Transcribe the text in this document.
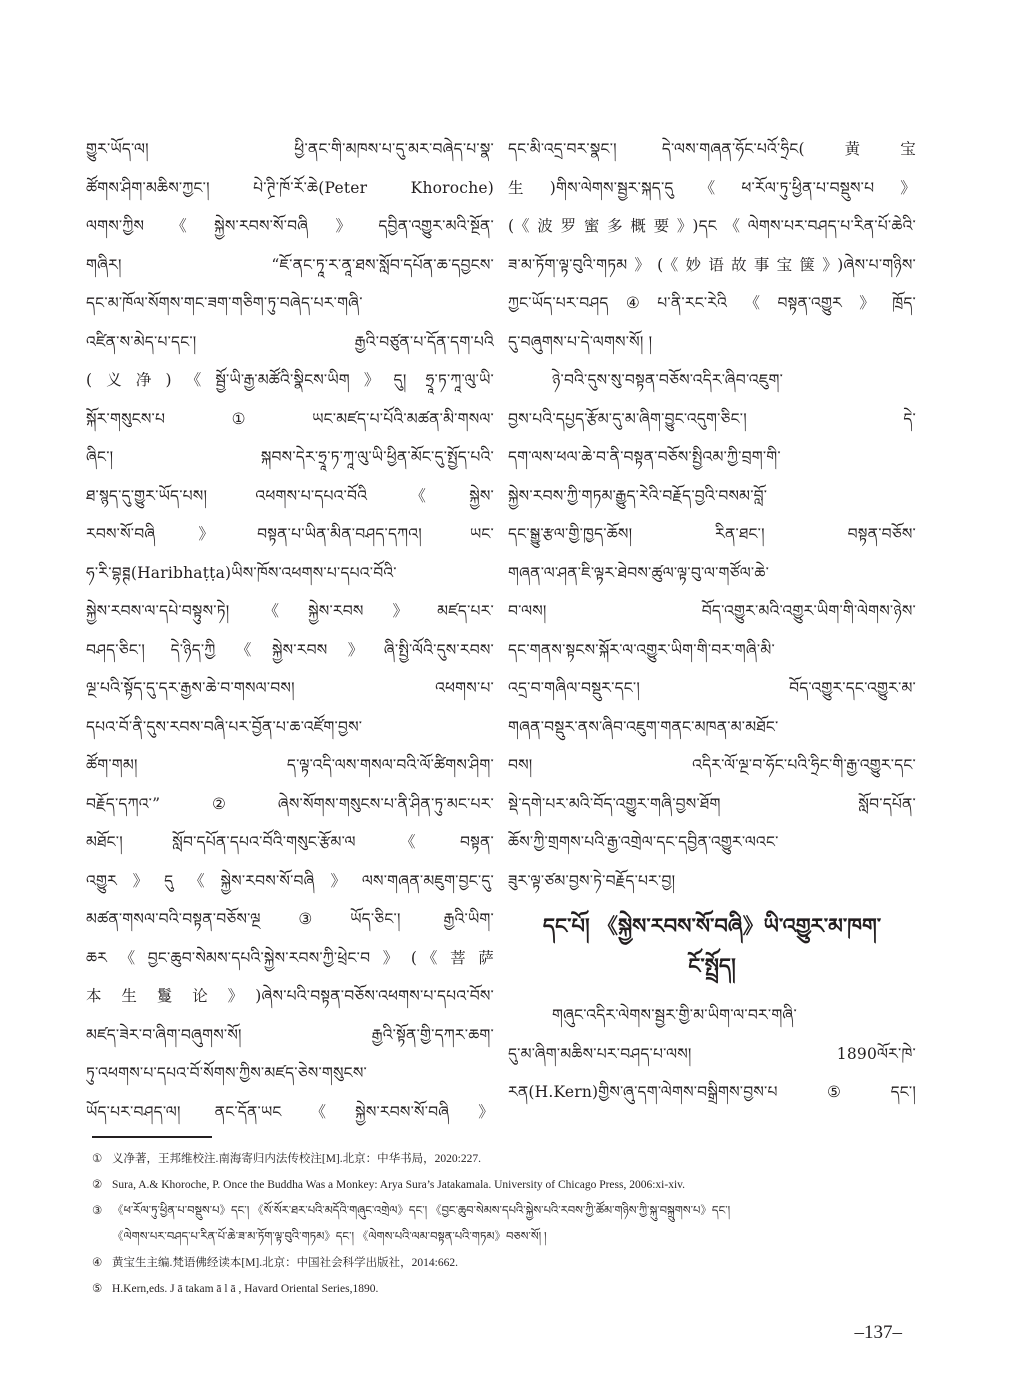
གྱུར་ཡོད་ལ། ཕྱི་ནང་གི་མཁས་པ་དུ་མར་བཞེད་པ་སྣ་
ཚོགས་ཤིག་མཆིས་ཀྱང་། པེ་ཊྲི་ཁོ་རོ་ཆེ(Peter Khoroche)
ལགས་ཀྱིས《སྐྱེས་རབས་སོ་བཞི》དབྱིན་འགྱུར་མའི་སྔོན་
གཞིར། “ཇོ་ནང་ཏཱ་ར་ནཱ་ཐས་སློབ་དཔོན་ཆ་དབྱངས་
དང་མ་ཁོལ་སོགས་གང་ཟག་གཅིག་ཏུ་བཞེད་པར་གཞི་
འཛིན་ས་མེད་པ་དང་། རྒྱའི་བཙུན་པ་དོན་དག་པའི
(义净)《སྦྱོ་ཡི་རྒྱ་མཚོའི་སྣིངས་ཡིག》དུ། ཧྲཱ་ཏ་ཀཱ་ལུ་ཡི་
སྐོར་གསུངས་པ①ཡང་མཛད་པ་པོའི་མཚན་མི་གསལ་
ཞིང་། སྐབས་དེར་ཧྲཱ་ཏ་ཀཱ་ལུ་ཡི་ཕྱིན་མོང་དུ་སྤྱོད་པའི་
ཐ་སྙད་དུ་གྱུར་ཡོད་པས། འཕགས་པ་དཔའ་བོའི《སྐྱེས་
རབས་སོ་བཞི》བསྟན་པ་ཡིན་མིན་བཤད་དཀའ། ཡང་
ཧ་རི་བྷཊྚ(Haribhaṭṭa)ཡིས་ཁོས་འཕགས་པ་དཔའ་བོའི་
སྐྱེས་རབས་ལ་དཔེ་བསྟུས་ཏེ། 《སྐྱེས་རབས》མཛད་པར་
བཤད་ཅིང་། དེ་ཉིད་ཀྱི《སྐྱེས་རབས》ཞི་སྤྱི་ལོའི་དུས་རབས་
ལྔ་པའི་སྟོད་དུ་དར་རྒྱས་ཆེ་བ་གསལ་བས། འཕགས་པ་
དཔའ་བོ་ནི་དུས་རབས་བཞི་པར་བྱོན་པ་ཆ་འཛོག་བྱས་
ཚོག་གམ། ད་ལྟ་འདི་ལས་གསལ་བའི་ལོ་ཚིགས་ཤིག་
བརྗོད་དཀའ་”②ཞེས་སོགས་གསུངས་པ་ནི་ཤིན་ཏུ་མང་པར་
མཐོང་། སློབ་དཔོན་དཔའ་བོའི་གསུང་རྩོམ་ལ《བསྟན་
འགྱུར》དུ《སྐྱེས་རབས་སོ་བཞི》ལས་གཞན་མཇུག་བྱང་དུ་
མཚན་གསལ་བའི་བསྟན་བཅོས་ལྔ③ཡོད་ཅིང་། རྒྱའི་ཡིག་
ཆར《བྱང་ཆུབ་སེམས་དཔའི་སྐྱེས་རབས་ཀྱི་ཕྲེང་བ》(《菩萨
本生鬘论》)ཞེས་པའི་བསྟན་བཅོས་འཕགས་པ་དཔའ་བོས་
མཛད་ཟེར་བ་ཞིག་བཞུགས་སོ། རྒྱའི་སྟོན་གྱི་དཀར་ཆག་
ཏུ་འཕགས་པ་དཔའ་བོ་སོགས་ཀྱིས་མཛད་ཅེས་གསུངས་
ཡོད་པར་བཤད་ལ། ནང་དོན་ཡང《སྐྱེས་རབས་སོ་བཞི》
དང་མི་འདྲ་བར་སྣང་། དེ་ལས་གཞན་ཧོང་པའོ་ཧྲིང(黄宝
生)གིས་ལེགས་སྦྱར་སྐད་དུ《ཕ་རོལ་ཏུ་ཕྱིན་པ་བསྡུས་པ》
(《波罗蜜多概要》)དང《ལེགས་པར་བཤད་པ་རིན་པོ་ཆེའི་
ཟ་མ་ཏོག་ལྟ་བུའི་གཏམ》(《妙语故事宝箧》)ཞེས་པ་གཉིས་
ཀྱང་ཡོད་པར་བཤད④པ་ནི་རང་རེའི《བསྟན་འགྱུར》ཁྲོད་
དུ་བཞུགས་པ་དེ་ལགས་སོ། །
ཉེ་བའི་དུས་སུ་བསྟན་བཅོས་འདིར་ཞིབ་འཇུག་
བྱས་པའི་དཔྱད་རྩོམ་དུ་མ་ཞིག་བྱུང་འདུག་ཅིང་། དེ་
དག་ལས་ཕལ་ཆེ་བ་ནི་བསྟན་བཅོས་སྤྱིའམ་ཀྱི་བྲག་གི་
སྐྱེས་རབས་ཀྱི་གཏམ་རྒྱུད་རེའི་བརྗོད་བྱའི་བསམ་བློ་
དང་སྒྱུ་རྩལ་གྱི་ཁྱད་ཆོས། རིན་ཐང་། བསྟན་བཅོས་
གཞན་ལ་ཤན་ཇི་ལྟར་ཐེབས་ཚུལ་ལྟ་བུ་ལ་གཙོལ་ཆེ་
བ་ལས། བོད་འགྱུར་མའི་འགྱུར་ཡིག་གི་ལེགས་ཉེས་
དང་གནས་སྟངས་སྐོར་ལ་འགྱུར་ཡིག་གི་བར་གཞི་མི་
འདྲ་བ་གཞིལ་བསྡུར་དང་། བོད་འགྱུར་དང་འགྱུར་མ་
གཞན་བསྡུར་ནས་ཞིབ་འཇུག་གནང་མཁན་མ་མཐོང་
བས། འདིར་ལོ་ལྔ་བ་ཧོང་པའི་ཧྲིང་གི་རྒྱ་འགྱུར་དང་
སྡེ་དགེ་པར་མའི་བོད་འགྱུར་གཞི་བྱས་ཐོག སློབ་དཔོན་
ཆོས་ཀྱི་གྲགས་པའི་རྒྱ་འགྲེལ་དང་དབྱིན་འགྱུར་ལའང་
ཟུར་ལྟ་ཙམ་བྱས་ཏེ་བརྗོད་པར་བྱ།
དང་པོ། 《སྐྱེས་རབས་སོ་བཞི》ཡི་འགྱུར་མ་ཁག་
ངོ་སྤྲོད།
གཞུང་འདིར་ལེགས་སྦྱར་གྱི་མ་ཡིག་ལ་བར་གཞི་
དུ་མ་ཞིག་མཆིས་པར་བཤད་པ་ལས། 1890ལོར་ཁེ་
རན(H.Kern)གྱིས་ཞུ་དག་ལེགས་བསྒྲིགས་བྱས་པ⑤དང་།
① 义净著，王邦维校注.南海寄归内法传校注[M].北京：中华书局，2020:227.
② Sura, A.& Khoroche, P. Once the Buddha Was a Monkey: Arya Sura’s Jatakamala. University of Chicago Press, 2006:xi-xiv.
③ 《ཕ་རོལ་ཏུ་ཕྱིན་པ་བསྡུས་པ》དང་། 《སོ་སོར་ཐར་པའི་མདོའི་གཞུང་འགྲེལ》དང་། 《བྱང་ཆུབ་སེམས་དཔའི་སྐྱེས་པའི་རབས་ཀྱི་ཚོམ་གཉིས་ཀྱི་སྐུ་བསྐྲུགས་པ》དང་།
《ལེགས་པར་བཤད་པ་རིན་པོ་ཆེ་ཟ་མ་ཏོག་ལྟ་བུའི་གཏམ》དང་། 《ལེགས་པའི་ལམ་བསྟན་པའི་གཏམ》བཅས་སོ། །
④ 黄宝生主编.梵语佛经读本[M].北京：中国社会科学出版社，2014:662.
⑤ H.Kern,eds. J ā takam ā l ā , Havard Oriental Series,1890.
–137–
